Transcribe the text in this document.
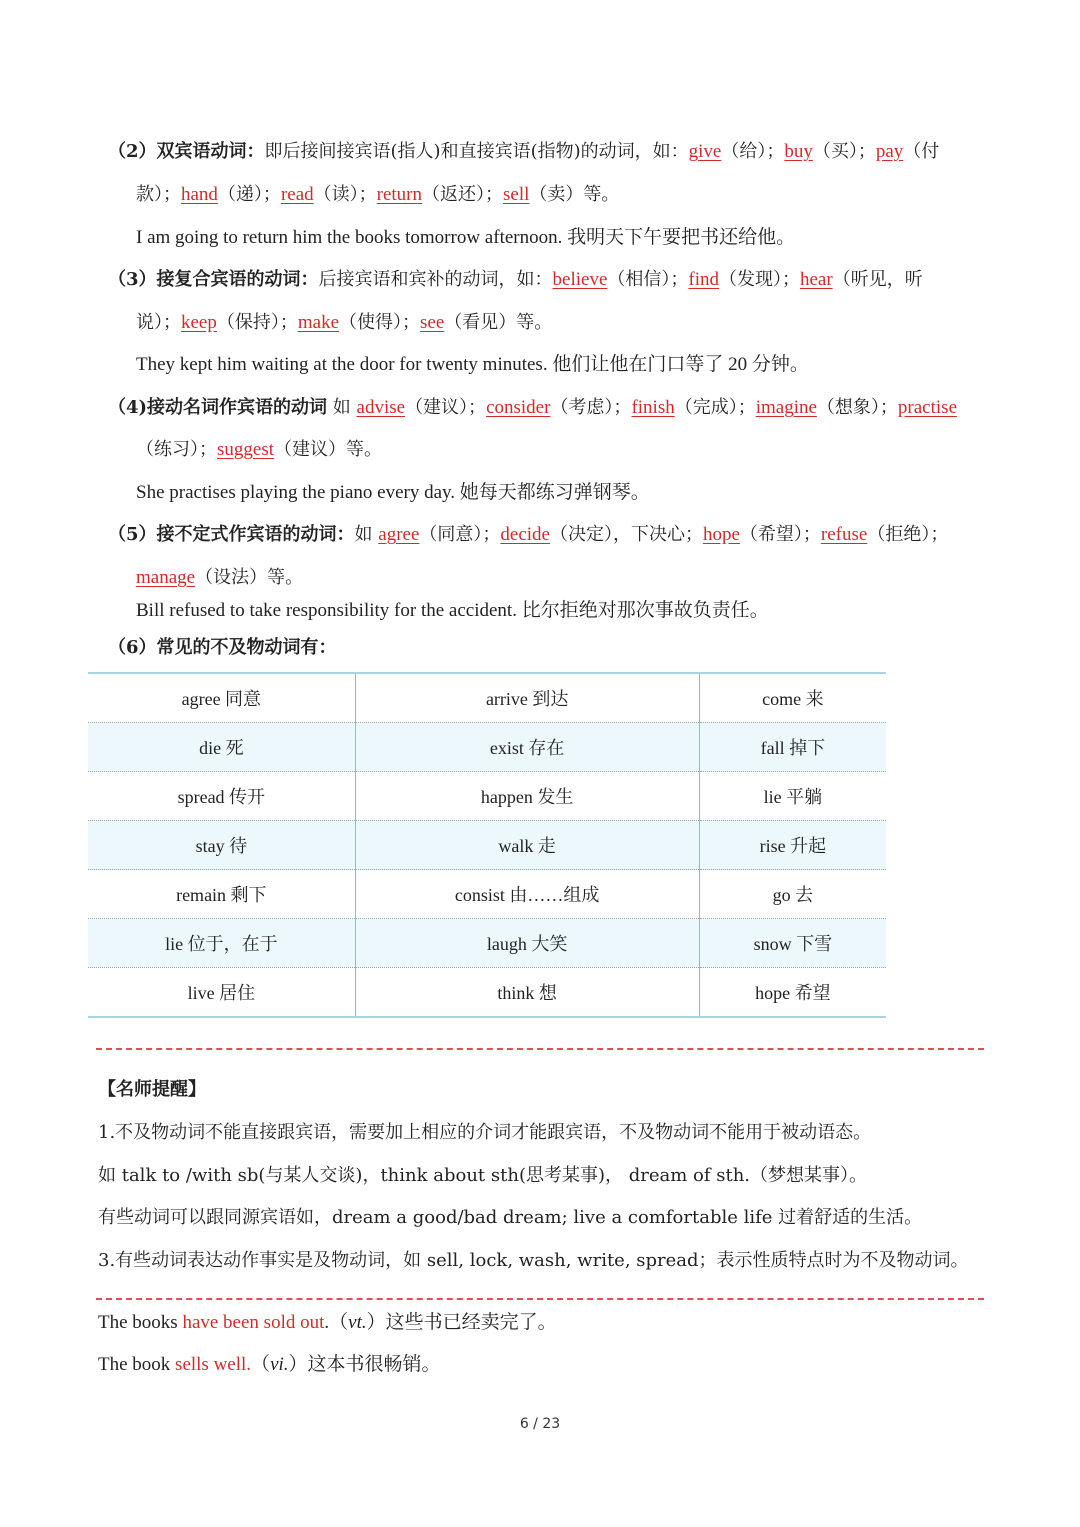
（2）双宾语动词：即后接间接宾语(指人)和直接宾语(指物)的动词，如：give（给）；buy（买）；pay（付
款）；hand（递）；read（读）；return（返还）；sell（卖）等。
I am going to return him the books tomorrow afternoon. 我明天下午要把书还给他。
（3）接复合宾语的动词：后接宾语和宾补的动词，如：believe（相信）；find（发现）；hear（听见，听
说）；keep（保持）；make（使得）；see（看见）等。
They kept him waiting at the door for twenty minutes. 他们让他在门口等了 20 分钟。
（4)接动名词作宾语的动词 如 advise（建议）；consider（考虑）；finish（完成）；imagine（想象）；practise
（练习）；suggest（建议）等。
She practises playing the piano every day. 她每天都练习弹钢琴。
（5）接不定式作宾语的动词：如 agree（同意）；decide（决定），下决心；hope（希望）；refuse（拒绝）；
manage（设法）等。
Bill refused to take responsibility for the accident. 比尔拒绝对那次事故负责任。
（6）常见的不及物动词有：
agree 同意	arrive 到达	come 来
die 死	exist 存在	fall 掉下
spread 传开	happen 发生	lie 平躺
stay 待	walk 走	rise 升起
remain 剩下	consist 由……组成	go 去
lie 位于，在于	laugh 大笑	snow 下雪
live 居住	think 想	hope 希望
【名师提醒】
1.不及物动词不能直接跟宾语，需要加上相应的介词才能跟宾语，不及物动词不能用于被动语态。
如 talk to /with sb(与某人交谈)，think about sth(思考某事)， dream of sth.（梦想某事）。
有些动词可以跟同源宾语如，dream a good/bad dream; live a comfortable life 过着舒适的生活。
3.有些动词表达动作事实是及物动词，如 sell, lock, wash, write, spread；表示性质特点时为不及物动词。
The books have been sold out.（vt.）这些书已经卖完了。
The book sells well.（vi.）这本书很畅销。
6 / 23
